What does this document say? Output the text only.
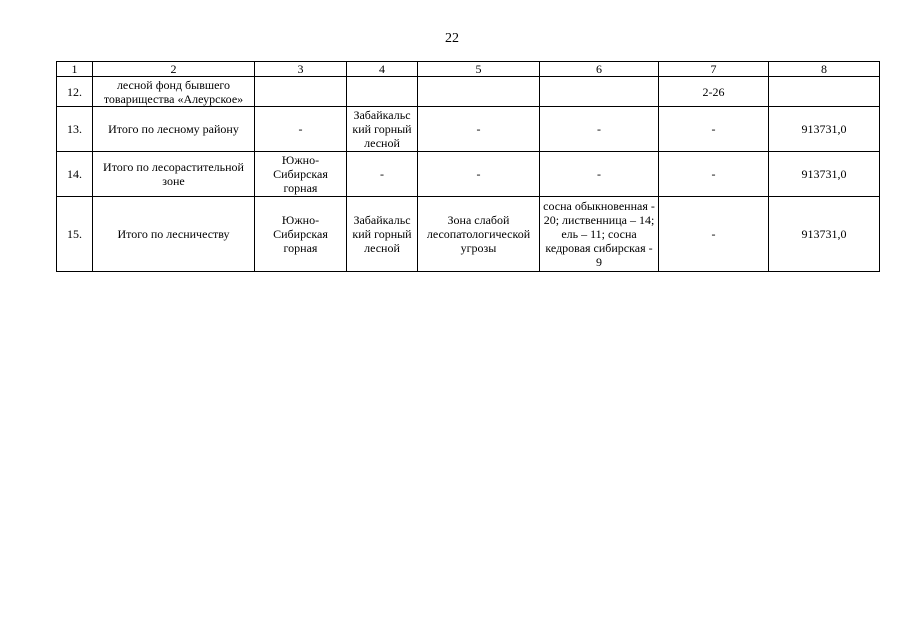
22
1	2	3	4	5	6	7	8
12.	лесной фонд бывшего товарищества «Алеурское»					2-26	
13.	Итого по лесному району	-	Забайкальс кий горный лесной	-	-	-	913731,0
14.	Итого по лесорастительной зоне	Южно-Сибирская горная	-	-	-	-	913731,0
15.	Итого по лесничеству	Южно-Сибирская горная	Забайкальс кий горный лесной	Зона слабой лесопатологической угрозы	сосна обыкновенная - 20; лиственница – 14; ель – 11; сосна кедровая сибирская - 9	-	913731,0
